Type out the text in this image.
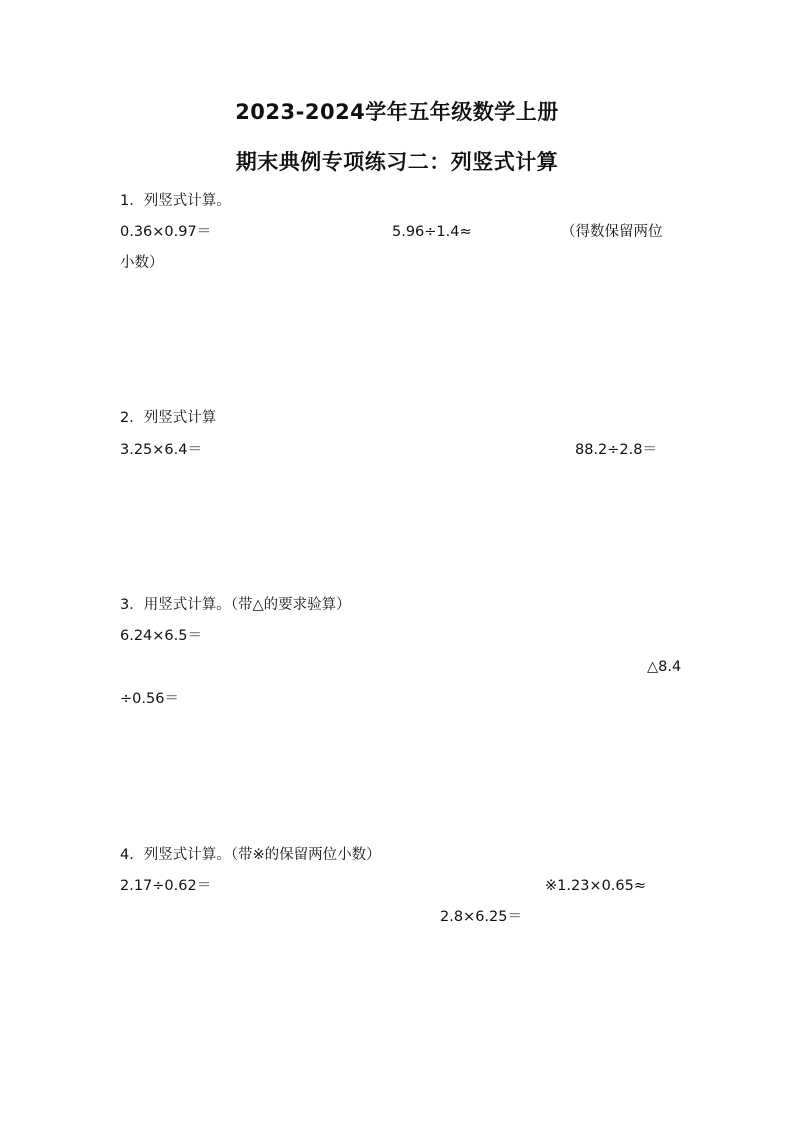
2023-2024学年五年级数学上册
期末典例专项练习二：列竖式计算
1．列竖式计算。
0.36×0.97＝	5.96÷1.4≈	（得数保留两位
小数）
2．列竖式计算
3.25×6.4＝	88.2÷2.8＝
3．用竖式计算。（带△的要求验算）
6.24×6.5＝
△8.4
÷0.56＝
4．列竖式计算。（带※的保留两位小数）
2.17÷0.62＝	※1.23×0.65≈
2.8×6.25＝
